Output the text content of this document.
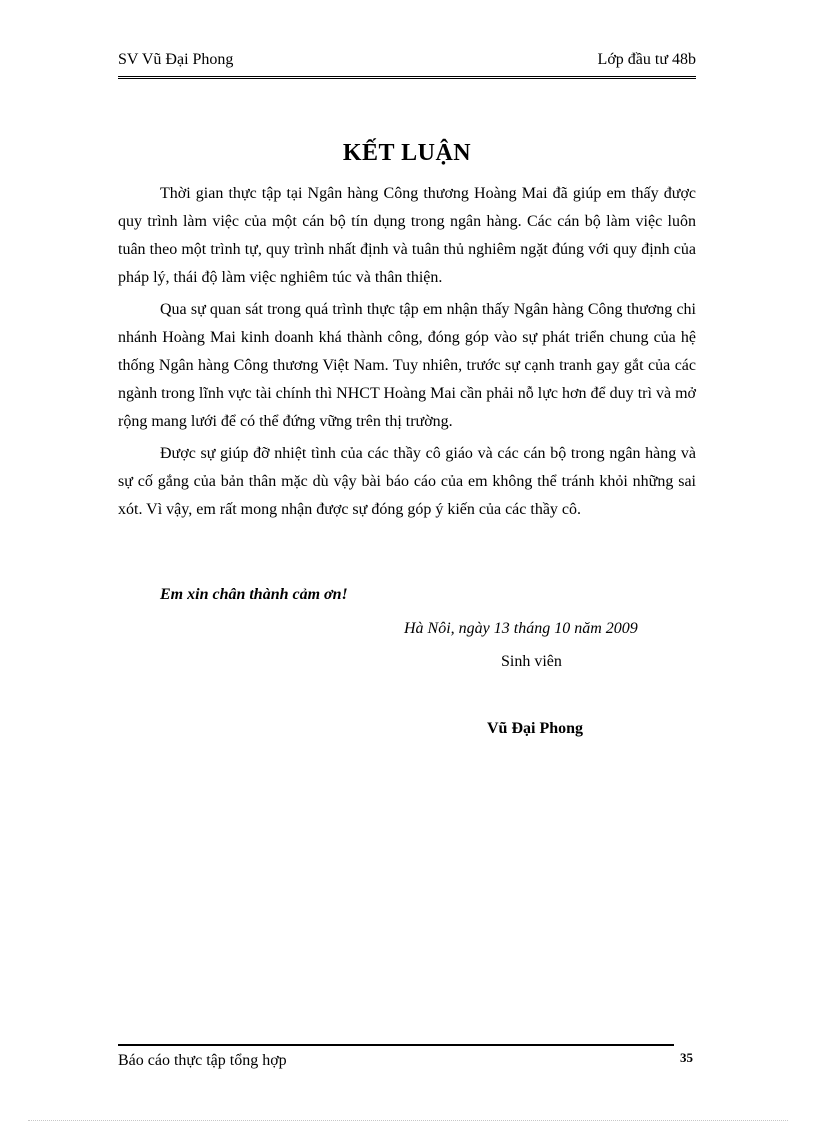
SV Vũ Đại Phong	Lớp đầu tư 48b
KẾT LUẬN

Thời gian thực tập tại Ngân hàng Công thương Hoàng Mai đã giúp em thấy được quy trình làm việc của một cán bộ tín dụng trong ngân hàng. Các cán bộ làm việc luôn tuân theo một trình tự, quy trình nhất định và tuân thủ nghiêm ngặt đúng với quy định của pháp lý, thái độ làm việc nghiêm túc và thân thiện.

Qua sự quan sát trong quá trình thực tập em nhận thấy Ngân hàng Công thương chi nhánh Hoàng Mai kinh doanh khá thành công, đóng góp vào sự phát triển chung của hệ thống Ngân hàng Công thương Việt Nam. Tuy nhiên, trước sự cạnh tranh gay gắt của các ngành trong lĩnh vực tài chính thì NHCT Hoàng Mai cần phải nỗ lực hơn để duy trì và mở rộng mang lưới để có thể đứng vững trên thị trường.

Được sự giúp đỡ nhiệt tình của các thầy cô giáo và các cán bộ trong ngân hàng và sự cố gắng của bản thân mặc dù vậy bài báo cáo của em không thể tránh khỏi những sai xót. Vì vậy, em rất mong nhận được sự đóng góp ý kiến của các thầy cô.

Em xin chân thành cảm ơn!
Hà Nôi, ngày 13 tháng 10 năm 2009
Sinh viên
Vũ Đại Phong
Báo cáo thực tập tổng hợp	35
